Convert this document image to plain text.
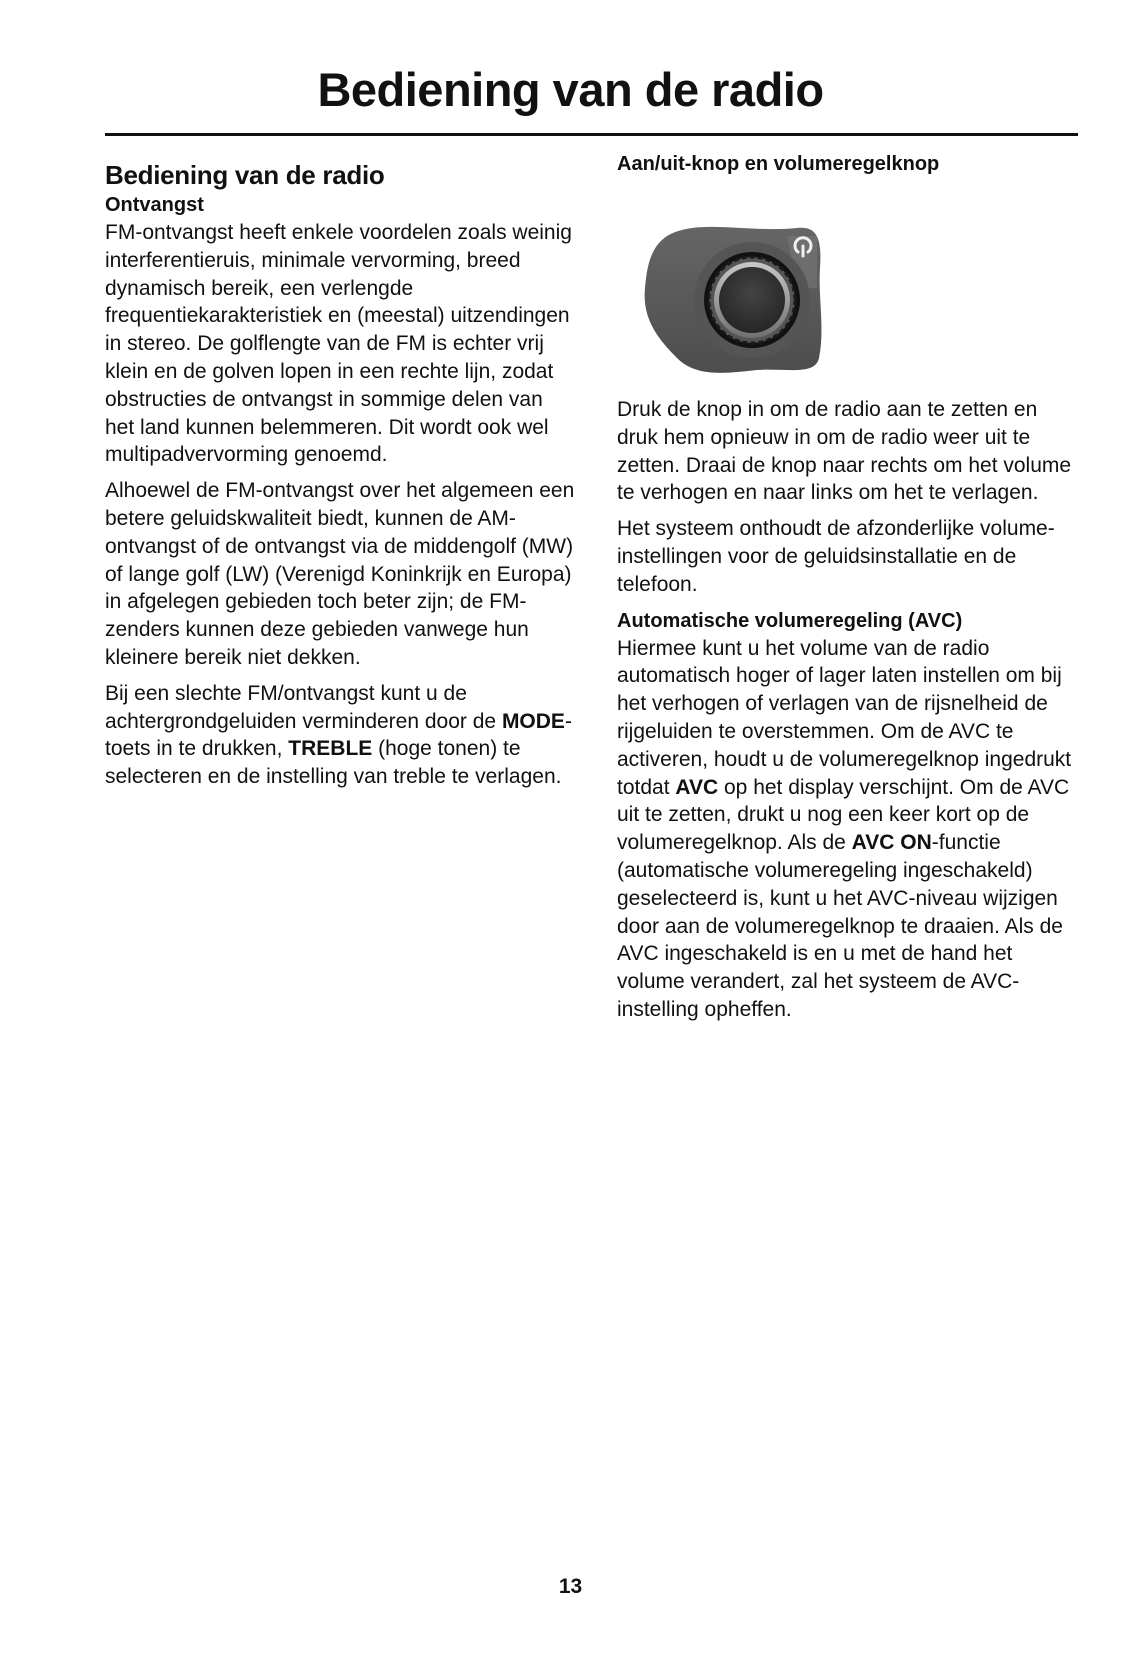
Bediening van de radio
Bediening van de radio
Ontvangst

FM-ontvangst heeft enkele voordelen zoals weinig interferentieruis, minimale vervorming, breed dynamisch bereik, een verlengde frequentiekarakteristiek en (meestal) uitzendingen in stereo. De golflengte van de FM is echter vrij klein en de golven lopen in een rechte lijn, zodat obstructies de ontvangst in sommige delen van het land kunnen belemmeren. Dit wordt ook wel multipadvervorming genoemd.

Alhoewel de FM-ontvangst over het algemeen een betere geluidskwaliteit biedt, kunnen de AM-ontvangst of de ontvangst via de middengolf (MW) of lange golf (LW) (Verenigd Koninkrijk en Europa) in afgelegen gebieden toch beter zijn; de FM-zenders kunnen deze gebieden vanwege hun kleinere bereik niet dekken.

Bij een slechte FM/ontvangst kunt u de achtergrondgeluiden verminderen door de MODE-toets in te drukken, TREBLE (hoge tonen) te selecteren en de instelling van treble te verlagen.

Aan/uit-knop en volumeregelknop

Druk de knop in om de radio aan te zetten en druk hem opnieuw in om de radio weer uit te zetten. Draai de knop naar rechts om het volume te verhogen en naar links om het te verlagen.

Het systeem onthoudt de afzonderlijke volume-instellingen voor de geluidsinstallatie en de telefoon.

Automatische volumeregeling (AVC)

Hiermee kunt u het volume van de radio automatisch hoger of lager laten instellen om bij het verhogen of verlagen van de rijsnelheid de rijgeluiden te overstemmen. Om de AVC te activeren, houdt u de volumeregelknop ingedrukt totdat AVC op het display verschijnt. Om de AVC uit te zetten, drukt u nog een keer kort op de volumeregelknop. Als de AVC ON-functie (automatische volumeregeling ingeschakeld) geselecteerd is, kunt u het AVC-niveau wijzigen door aan de volumeregelknop te draaien. Als de AVC ingeschakeld is en u met de hand het volume verandert, zal het systeem de AVC-instelling opheffen.

13
